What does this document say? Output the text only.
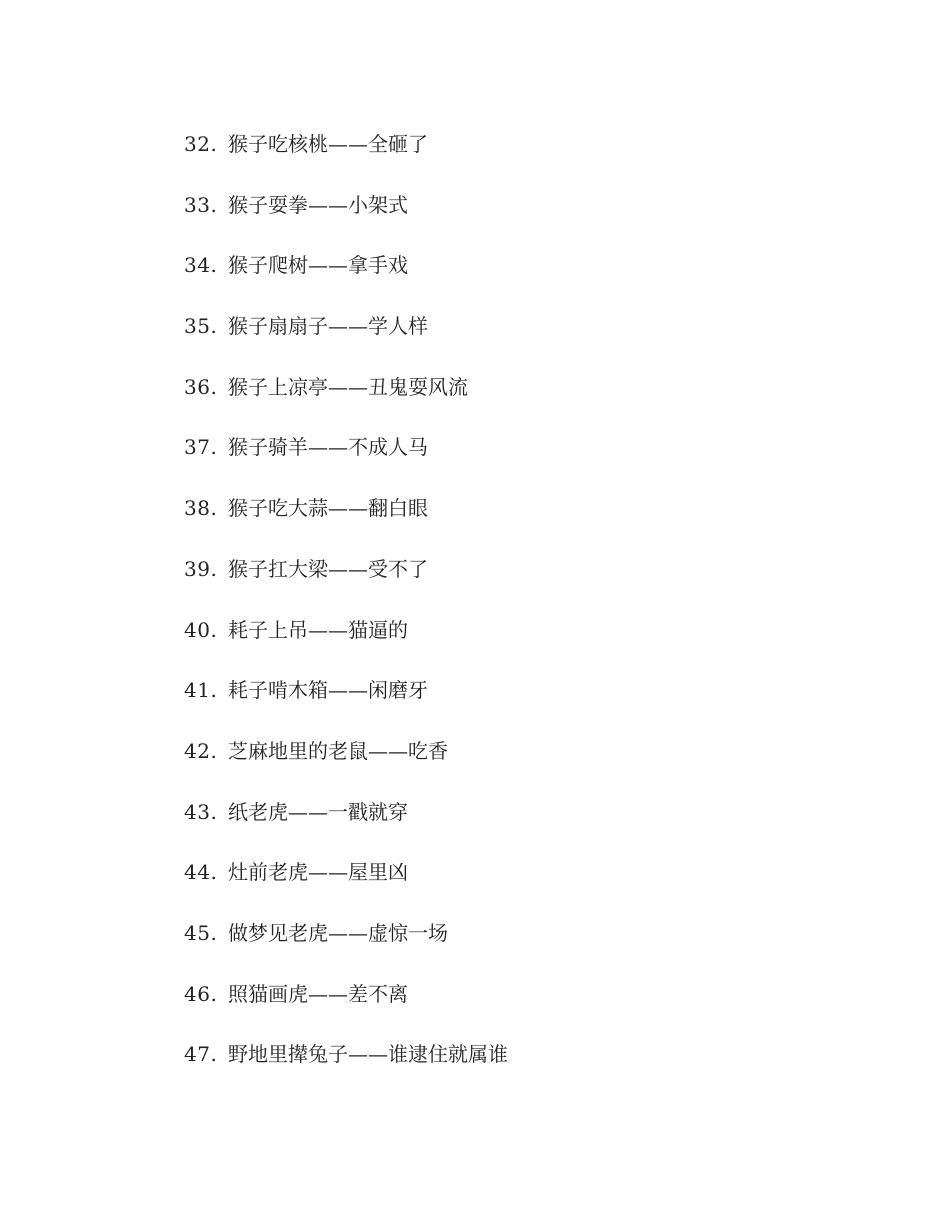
32. 猴子吃核桃——全砸了
33. 猴子耍拳——小架式
34. 猴子爬树——拿手戏
35. 猴子扇扇子——学人样
36. 猴子上凉亭——丑鬼耍风流
37. 猴子骑羊——不成人马
38. 猴子吃大蒜——翻白眼
39. 猴子扛大梁——受不了
40. 耗子上吊——猫逼的
41. 耗子啃木箱——闲磨牙
42. 芝麻地里的老鼠——吃香
43. 纸老虎——一戳就穿
44. 灶前老虎——屋里凶
45. 做梦见老虎——虚惊一场
46. 照猫画虎——差不离
47. 野地里撵兔子——谁逮住就属谁
